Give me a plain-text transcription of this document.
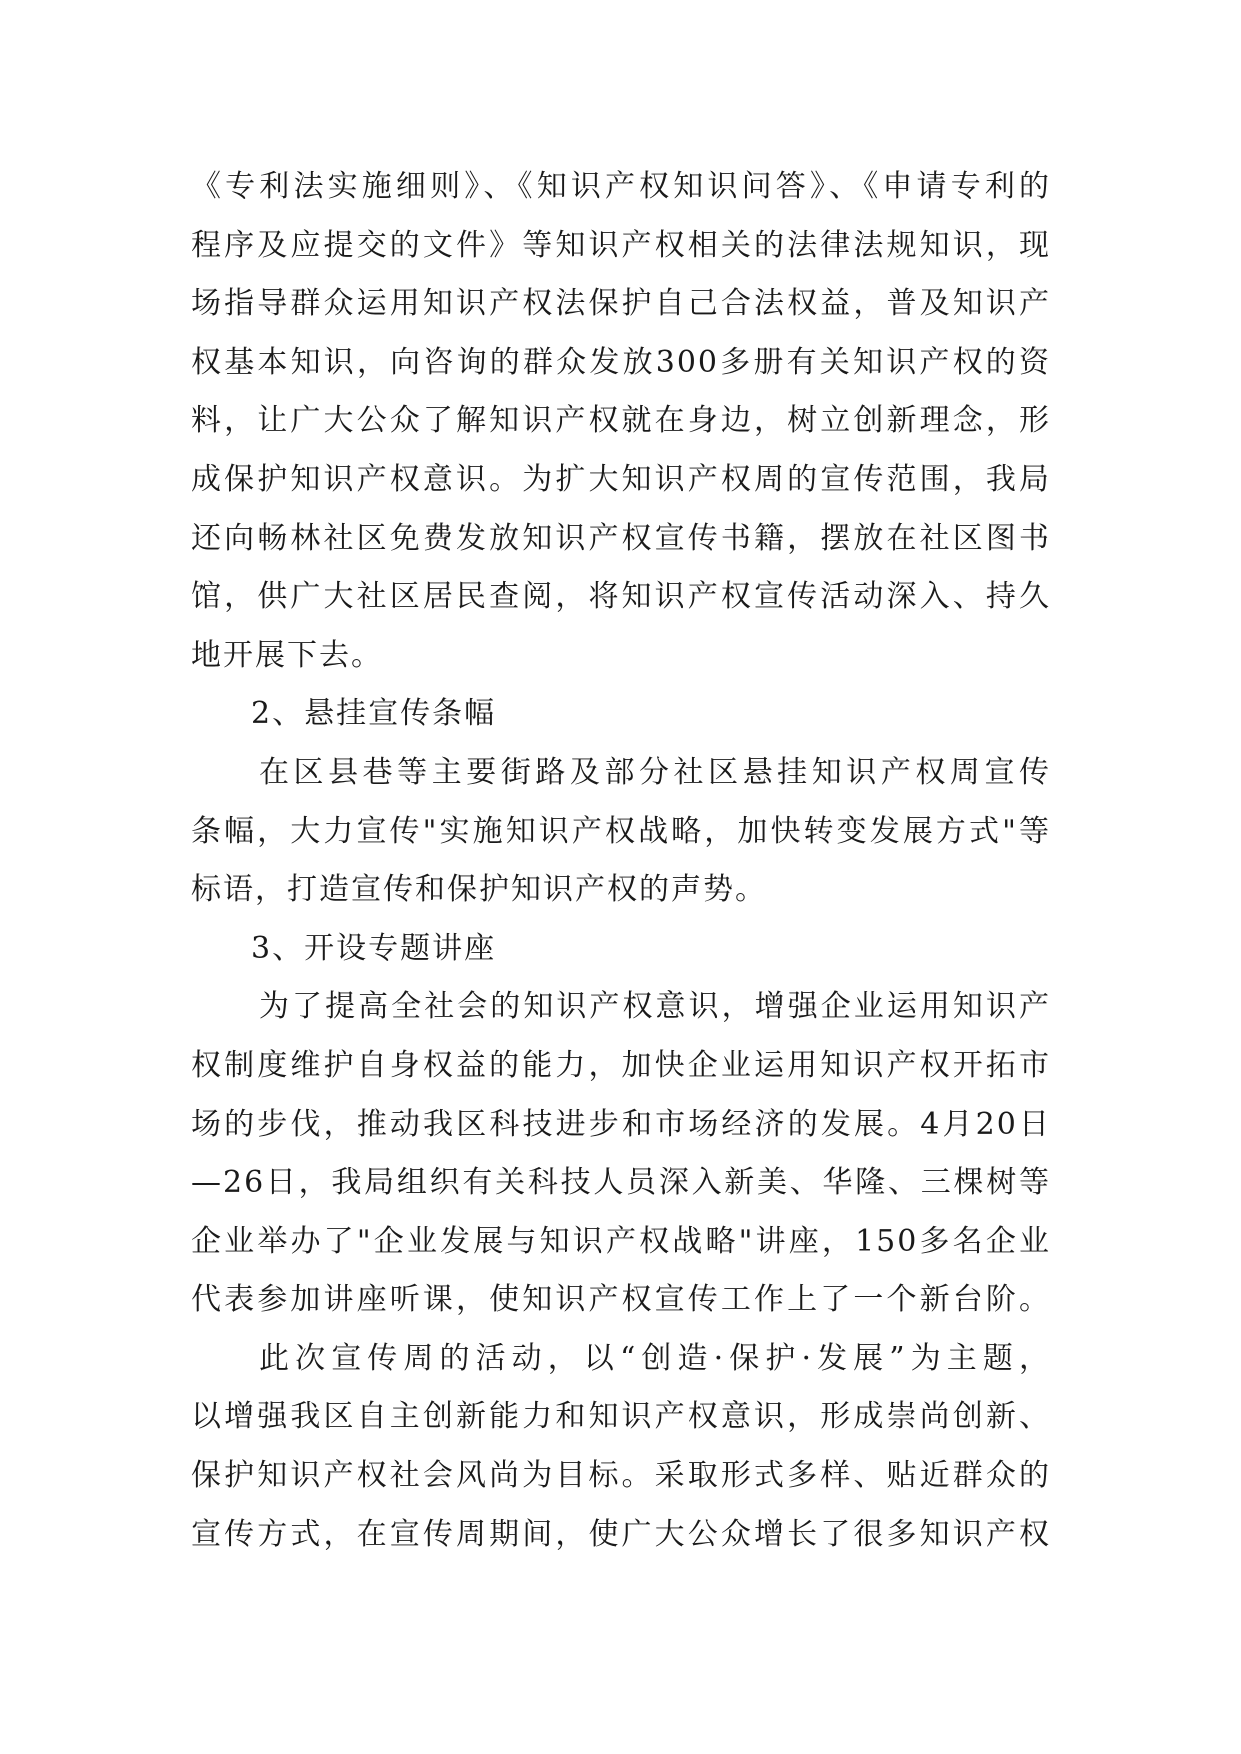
《专利法实施细则》、《知识产权知识问答》、《申请专利的
程序及应提交的文件》等知识产权相关的法律法规知识，现
场指导群众运用知识产权法保护自己合法权益，普及知识产
权基本知识，向咨询的群众发放300多册有关知识产权的资
料，让广大公众了解知识产权就在身边，树立创新理念，形
成保护知识产权意识。为扩大知识产权周的宣传范围，我局
还向畅林社区免费发放知识产权宣传书籍，摆放在社区图书
馆，供广大社区居民查阅，将知识产权宣传活动深入、持久
地开展下去。
2、悬挂宣传条幅
在区县巷等主要街路及部分社区悬挂知识产权周宣传
条幅，大力宣传"实施知识产权战略，加快转变发展方式"等
标语，打造宣传和保护知识产权的声势。
3、开设专题讲座
为了提高全社会的知识产权意识，增强企业运用知识产
权制度维护自身权益的能力，加快企业运用知识产权开拓市
场的步伐，推动我区科技进步和市场经济的发展。4月20日
—26日，我局组织有关科技人员深入新美、华隆、三棵树等
企业举办了"企业发展与知识产权战略"讲座，150多名企业
代表参加讲座听课，使知识产权宣传工作上了一个新台阶。
此次宣传周的活动，以“创造·保护·发展”为主题，
以增强我区自主创新能力和知识产权意识，形成崇尚创新、
保护知识产权社会风尚为目标。采取形式多样、贴近群众的
宣传方式，在宣传周期间，使广大公众增长了很多知识产权
